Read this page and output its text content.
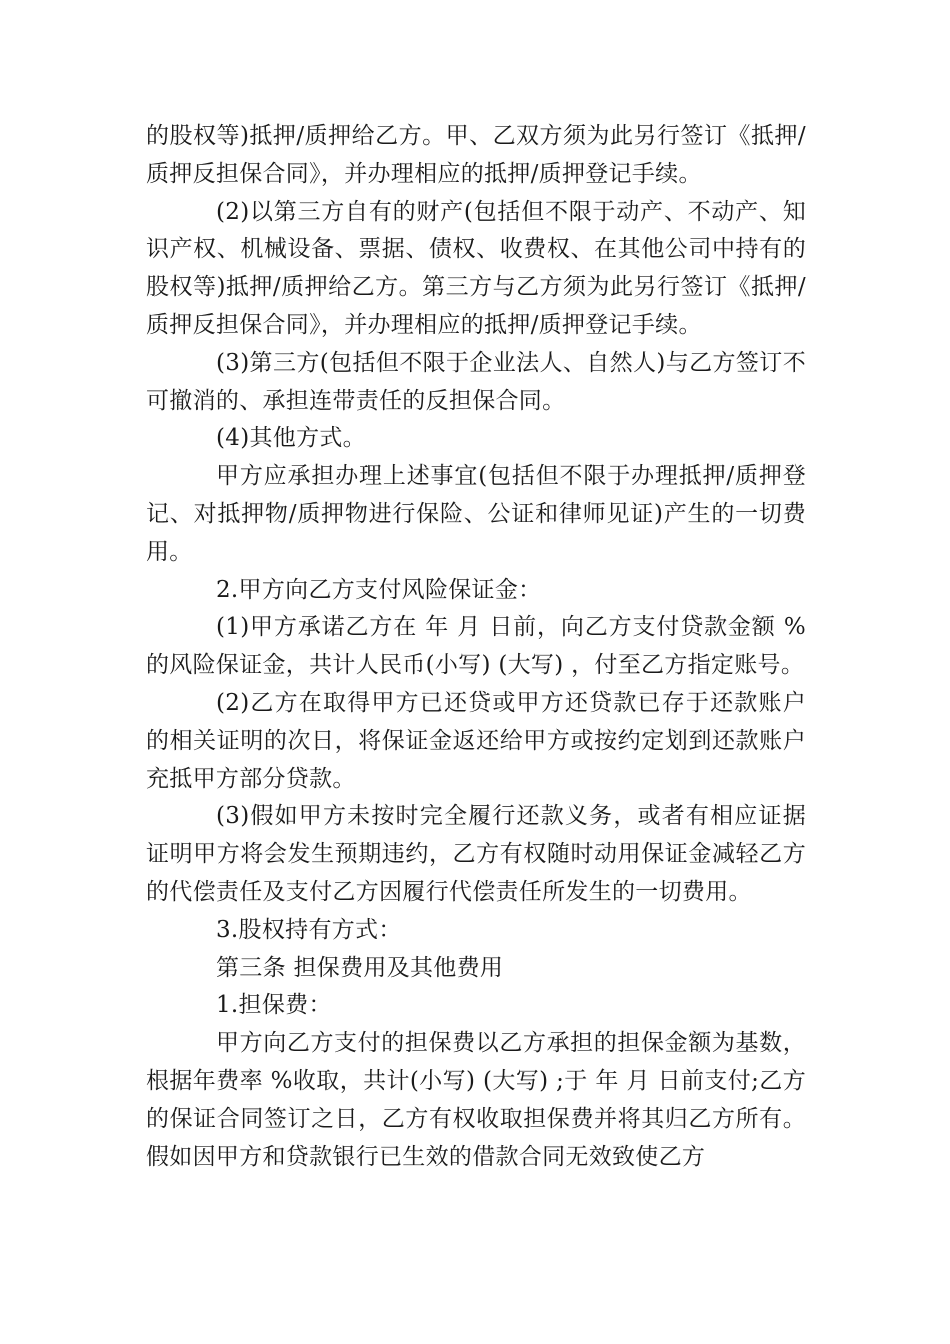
的股权等)抵押/质押给乙方。甲、乙双方须为此另行签订《抵押/质押反担保合同》，并办理相应的抵押/质押登记手续。

(2)以第三方自有的财产(包括但不限于动产、不动产、知识产权、机械设备、票据、债权、收费权、在其他公司中持有的股权等)抵押/质押给乙方。第三方与乙方须为此另行签订《抵押/质押反担保合同》，并办理相应的抵押/质押登记手续。

(3)第三方(包括但不限于企业法人、自然人)与乙方签订不可撤消的、承担连带责任的反担保合同。

(4)其他方式。

甲方应承担办理上述事宜(包括但不限于办理抵押/质押登记、对抵押物/质押物进行保险、公证和律师见证)产生的一切费用。

2.甲方向乙方支付风险保证金：

(1)甲方承诺乙方在 年 月 日前，向乙方支付贷款金额 %的风险保证金，共计人民币(小写) (大写) ，付至乙方指定账号。

(2)乙方在取得甲方已还贷或甲方还贷款已存于还款账户的相关证明的次日，将保证金返还给甲方或按约定划到还款账户充抵甲方部分贷款。

(3)假如甲方未按时完全履行还款义务，或者有相应证据证明甲方将会发生预期违约，乙方有权随时动用保证金减轻乙方的代偿责任及支付乙方因履行代偿责任所发生的一切费用。

3.股权持有方式：

第三条 担保费用及其他费用

1.担保费：

甲方向乙方支付的担保费以乙方承担的担保金额为基数，根据年费率 %收取，共计(小写) (大写) ;于 年 月 日前支付;乙方的保证合同签订之日，乙方有权收取担保费并将其归乙方所有。假如因甲方和贷款银行已生效的借款合同无效致使乙方
